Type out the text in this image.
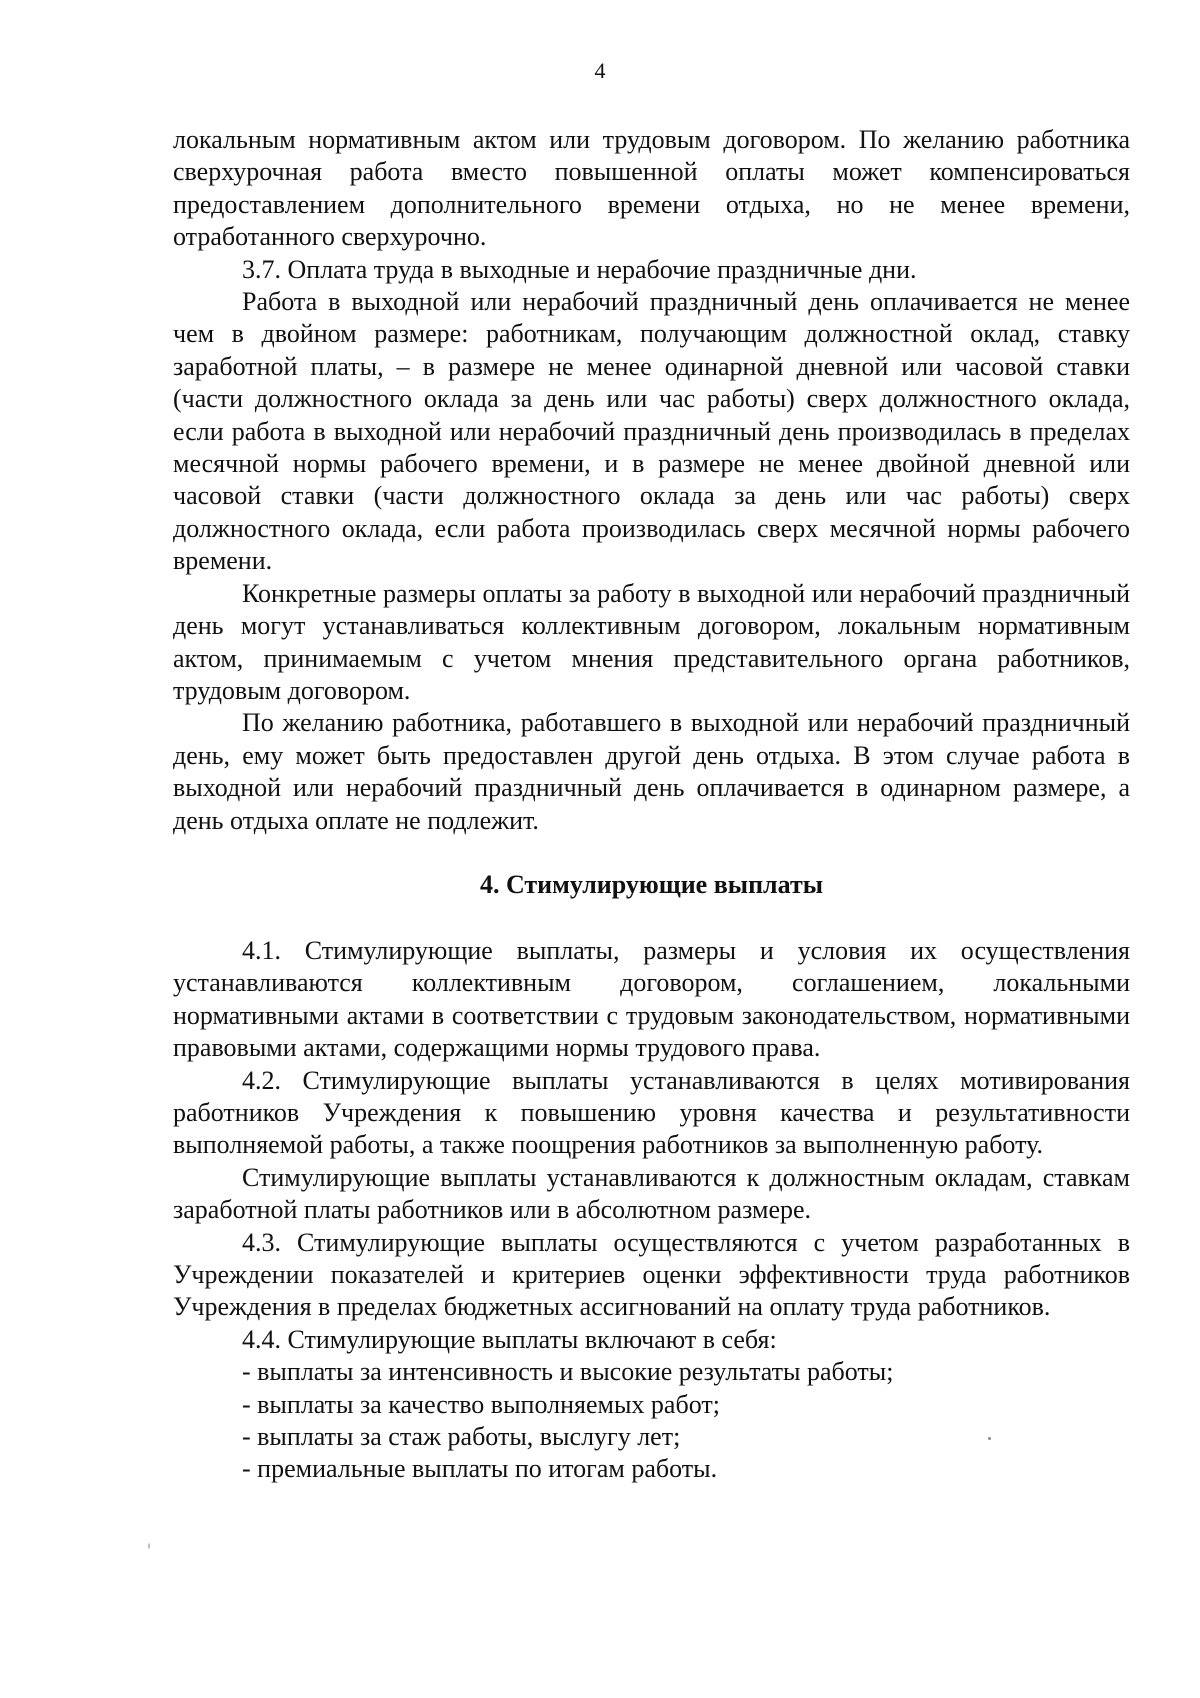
4

локальным нормативным актом или трудовым договором. По желанию работника сверхурочная работа вместо повышенной оплаты может компенсироваться предоставлением дополнительного времени отдыха, но не менее времени, отработанного сверхурочно.

3.7. Оплата труда в выходные и нерабочие праздничные дни.

Работа в выходной или нерабочий праздничный день оплачивается не менее чем в двойном размере: работникам, получающим должностной оклад, ставку заработной платы, – в размере не менее одинарной дневной или часовой ставки (части должностного оклада за день или час работы) сверх должностного оклада, если работа в выходной или нерабочий праздничный день производилась в пределах месячной нормы рабочего времени, и в размере не менее двойной дневной или часовой ставки (части должностного оклада за день или час работы) сверх должностного оклада, если работа производилась сверх месячной нормы рабочего времени.

Конкретные размеры оплаты за работу в выходной или нерабочий праздничный день могут устанавливаться коллективным договором, локальным нормативным актом, принимаемым с учетом мнения представительного органа работников, трудовым договором.

По желанию работника, работавшего в выходной или нерабочий праздничный день, ему может быть предоставлен другой день отдыха. В этом случае работа в выходной или нерабочий праздничный день оплачивается в одинарном размере, а день отдыха оплате не подлежит.

4. Стимулирующие выплаты

4.1. Стимулирующие выплаты, размеры и условия их осуществления устанавливаются коллективным договором, соглашением, локальными нормативными актами в соответствии с трудовым законодательством, нормативными правовыми актами, содержащими нормы трудового права.

4.2. Стимулирующие выплаты устанавливаются в целях мотивирования работников Учреждения к повышению уровня качества и результативности выполняемой работы, а также поощрения работников за выполненную работу.

Стимулирующие выплаты устанавливаются к должностным окладам, ставкам заработной платы работников или в абсолютном размере.

4.3. Стимулирующие выплаты осуществляются с учетом разработанных в Учреждении показателей и критериев оценки эффективности труда работников Учреждения в пределах бюджетных ассигнований на оплату труда работников.

4.4. Стимулирующие выплаты включают в себя:

- выплаты за интенсивность и высокие результаты работы;
- выплаты за качество выполняемых работ;
- выплаты за стаж работы, выслугу лет;
- премиальные выплаты по итогам работы.
